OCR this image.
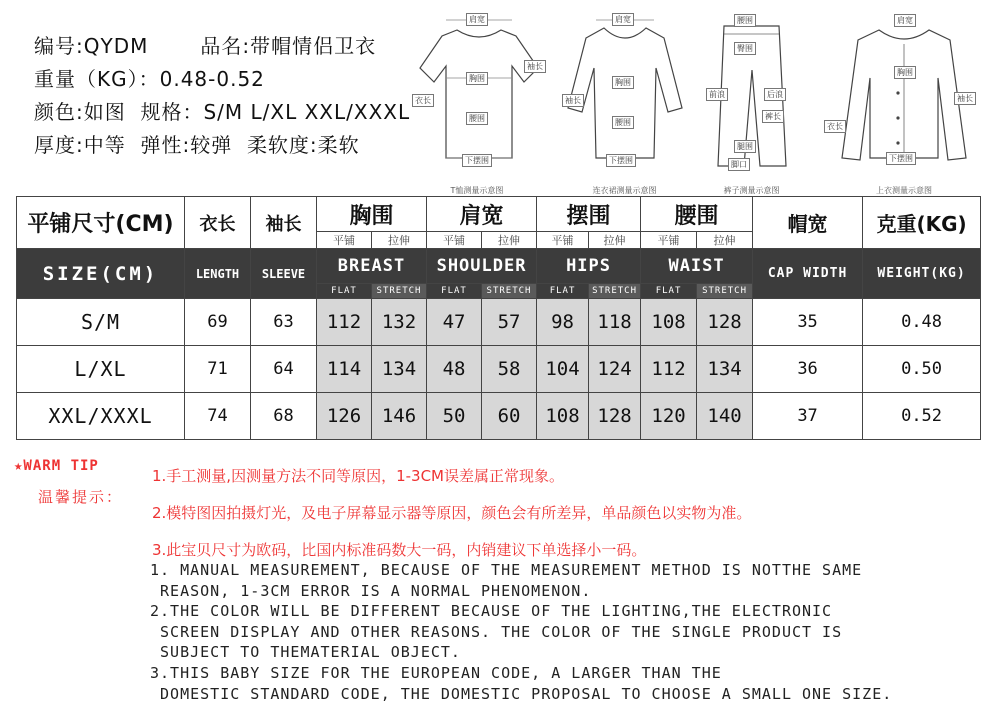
编号:QYDM	品名:带帽情侣卫衣
重量（KG）：0.48-0.52
颜色:如图 规格：S/M L/XL XXL/XXXL
厚度:中等 弹性:较弹 柔软度:柔软
肩宽
胸围
袖长
衣长
腰围
下摆围
T恤测量示意图
肩宽
胸围
袖长
腰围
下摆围
连衣裙测量示意图
腰围
臀围
前浪	后浪
裤长
腿围
脚口
裤子测量示意图
肩宽
胸围
袖长
衣长
下摆围
上衣测量示意图
平铺尺寸(CM)	衣长	袖长	胸围		肩宽		摆围		腰围		帽宽	克重(KG)
			平铺	拉伸	平铺	拉伸	平铺	拉伸	平铺	拉伸		
SIZE(CM)	LENGTH	SLEEVE	BREAST		SHOULDER		HIPS		WAIST		CAP WIDTH	WEIGHT(KG)
			FLAT	STRETCH	FLAT	STRETCH	FLAT	STRETCH	FLAT	STRETCH		
S/M	69	63	112	132	47	57	98	118	108	128	35	0.48
L/XL	71	64	114	134	48	58	104	124	112	134	36	0.50
XXL/XXXL	74	68	126	146	50	60	108	128	120	140	37	0.52
★WARM TIP
温馨提示：
1.手工测量,因测量方法不同等原因，1-3CM误差属正常现象。
2.模特图因拍摄灯光，及电子屏幕显示器等原因，颜色会有所差异，单品颜色以实物为准。
3.此宝贝尺寸为欧码，比国内标准码数大一码，内销建议下单选择小一码。
1. MANUAL MEASUREMENT, BECAUSE OF THE MEASUREMENT METHOD IS NOTTHE SAME
REASON, 1-3CM ERROR IS A NORMAL PHENOMENON.
2.THE COLOR WILL BE DIFFERENT BECAUSE OF THE LIGHTING,THE ELECTRONIC
SCREEN DISPLAY AND OTHER REASONS. THE COLOR OF THE SINGLE PRODUCT IS
SUBJECT TO THEMATERIAL OBJECT.
3.THIS BABY SIZE FOR THE EUROPEAN CODE, A LARGER THAN THE
DOMESTIC STANDARD CODE, THE DOMESTIC PROPOSAL TO CHOOSE A SMALL ONE SIZE.
